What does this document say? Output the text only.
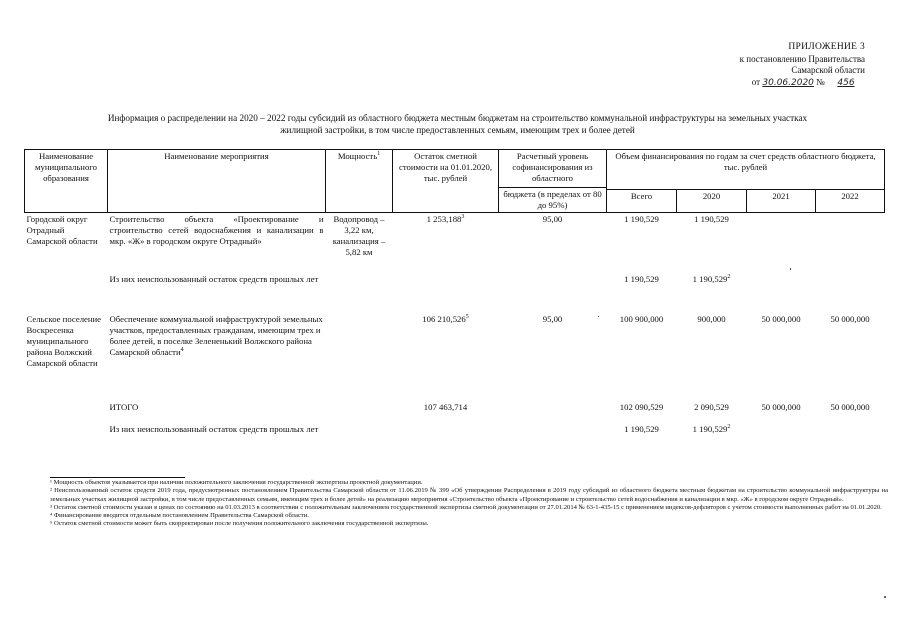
ПРИЛОЖЕНИЕ 3
к постановлению Правительства
Самарской области
от 30.06.2020 № 456
Информация о распределении на 2020 – 2022 годы субсидий из областного бюджета местным бюджетам на строительство коммунальной инфраструктуры на земельных участках
жилищной застройки, в том числе предоставленных семьям, имеющим трех и более детей
Наименование муниципального образования	Наименование мероприятия	Мощность$^1$	Остаток сметной стоимости на 01.01.2020, тыс. рублей	Расчетный уровень софинансирования из областного
бюджета (в пределах от 80 до 95%)	Объем финансирования по годам за счет средств областного бюджета, тыс. рублей			
					Всего	2020	2021	2022
Городской округ Отрадный Самарской области	Строительство объекта «Проектирование и строительство сетей водоснабжения и канализации в мкр. «Ж» в городском округе Отрадный»	Водопровод – 3,22 км, канализация – 5,82 км	1 253,188$^3$	95,00	1 190,529	1 190,529		
	Из них неиспользованный остаток средств прошлых лет				1 190,529	1 190,529$^2$		
Сельское поселение Воскресенка муниципального района Волжский Самарской области	Обеспечение коммунальной инфраструктурой земельных участков, предоставленных гражданам, имеющим трех и более детей, в поселке Зелененький Волжского района Самарской области$^4$		106 210,526$^5$	95,00	100 900,000	900,000	50 000,000	50 000,000
	ИТОГО		107 463,714		102 090,529	2 090,529	50 000,000	50 000,000
	Из них неиспользованный остаток средств прошлых лет				1 190,529	1 190,529$^2$		

¹ Мощность объектов указывается при наличии положительного заключения государственной экспертизы проектной документации.

² Неиспользованный остаток средств 2019 года, предусмотренных постановлением Правительства Самарской области от 11.06.2019 № 399 «Об утверждении Распределения в 2019 году субсидий из областного бюджета местным бюджетам на строительство коммунальной инфраструктуры на земельных участках жилищной застройки, в том числе предоставленных семьям, имеющим трех и более детей» на реализацию мероприятия «Строительство объекта «Проектирование и строительство сетей водоснабжения и канализации в мкр. «Ж» в городском округе Отрадный».

³ Остаток сметной стоимости указан в ценах по состоянию на 01.03.2013 в соответствии с положительным заключением государственной экспертизы сметной документации от 27.01.2014 № 63-1-435-15 с применением индексов-дефляторов с учетом стоимости выполненных работ на 01.01.2020.

⁴ Финансирование вводится отдельным постановлением Правительства Самарской области.

⁵ Остаток сметной стоимости может быть скорректирован после получения положительного заключения государственной экспертизы.
